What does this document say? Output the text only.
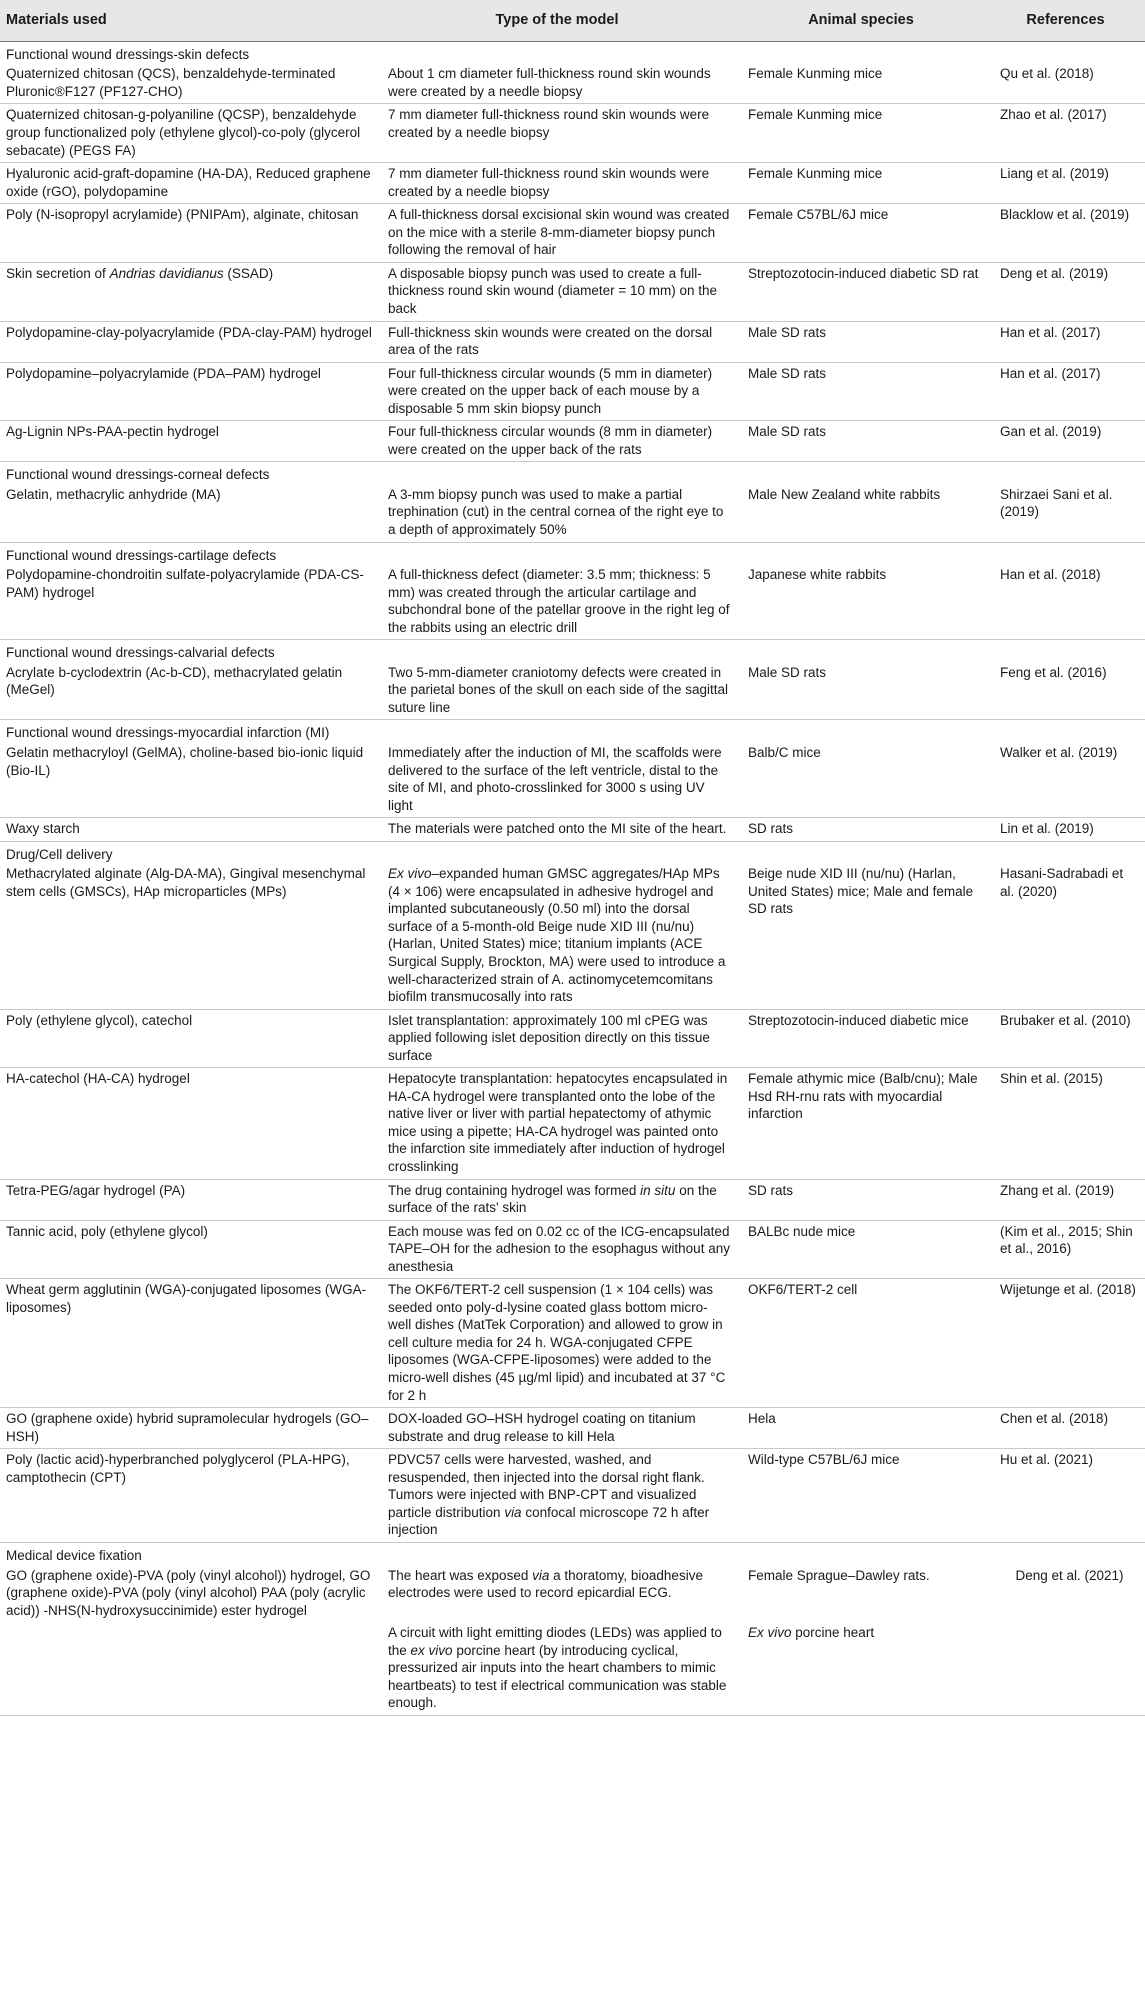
Materials used	Type of the model	Animal species	References
Functional wound dressings-skin defects			
Quaternized chitosan (QCS), benzaldehyde-terminated Pluronic®F127 (PF127-CHO)	About 1 cm diameter full-thickness round skin wounds were created by a needle biopsy	Female Kunming mice	Qu et al. (2018)
Quaternized chitosan-g-polyaniline (QCSP), benzaldehyde group functionalized poly (ethylene glycol)-co-poly (glycerol sebacate) (PEGS FA)	7 mm diameter full-thickness round skin wounds were created by a needle biopsy	Female Kunming mice	Zhao et al. (2017)
Hyaluronic acid-graft-dopamine (HA-DA), Reduced graphene oxide (rGO), polydopamine	7 mm diameter full-thickness round skin wounds were created by a needle biopsy	Female Kunming mice	Liang et al. (2019)
Poly (N-isopropyl acrylamide) (PNIPAm), alginate, chitosan	A full-thickness dorsal excisional skin wound was created on the mice with a sterile 8-mm-diameter biopsy punch following the removal of hair	Female C57BL/6J mice	Blacklow et al. (2019)
Skin secretion of Andrias davidianus (SSAD)	A disposable biopsy punch was used to create a full-thickness round skin wound (diameter = 10 mm) on the back	Streptozotocin-induced diabetic SD rat	Deng et al. (2019)
Polydopamine-clay-polyacrylamide (PDA-clay-PAM) hydrogel	Full-thickness skin wounds were created on the dorsal area of the rats	Male SD rats	Han et al. (2017)
Polydopamine–polyacrylamide (PDA–PAM) hydrogel	Four full-thickness circular wounds (5 mm in diameter) were created on the upper back of each mouse by a disposable 5 mm skin biopsy punch	Male SD rats	Han et al. (2017)
Ag-Lignin NPs-PAA-pectin hydrogel	Four full-thickness circular wounds (8 mm in diameter) were created on the upper back of the rats	Male SD rats	Gan et al. (2019)
Functional wound dressings-corneal defects			
Gelatin, methacrylic anhydride (MA)	A 3-mm biopsy punch was used to make a partial trephination (cut) in the central cornea of the right eye to a depth of approximately 50%	Male New Zealand white rabbits	Shirzaei Sani et al. (2019)
Functional wound dressings-cartilage defects			
Polydopamine-chondroitin sulfate-polyacrylamide (PDA-CS-PAM) hydrogel	A full-thickness defect (diameter: 3.5 mm; thickness: 5 mm) was created through the articular cartilage and subchondral bone of the patellar groove in the right leg of the rabbits using an electric drill	Japanese white rabbits	Han et al. (2018)
Functional wound dressings-calvarial defects			
Acrylate b-cyclodextrin (Ac-b-CD), methacrylated gelatin (MeGel)	Two 5-mm-diameter craniotomy defects were created in the parietal bones of the skull on each side of the sagittal suture line	Male SD rats	Feng et al. (2016)
Functional wound dressings-myocardial infarction (MI)			
Gelatin methacryloyl (GelMA), choline-based bio-ionic liquid (Bio-IL)	Immediately after the induction of MI, the scaffolds were delivered to the surface of the left ventricle, distal to the site of MI, and photo-crosslinked for 3000 s using UV light	Balb/C mice	Walker et al. (2019)
Waxy starch	The materials were patched onto the MI site of the heart.	SD rats	Lin et al. (2019)
Drug/Cell delivery			
Methacrylated alginate (Alg-DA-MA), Gingival mesenchymal stem cells (GMSCs), HAp microparticles (MPs)	Ex vivo–expanded human GMSC aggregates/HAp MPs (4 × 106) were encapsulated in adhesive hydrogel and implanted subcutaneously (0.50 ml) into the dorsal surface of a 5-month-old Beige nude XID III (nu/nu) (Harlan, United States) mice; titanium implants (ACE Surgical Supply, Brockton, MA) were used to introduce a well-characterized strain of A. actinomycetemcomitans biofilm transmucosally into rats	Beige nude XID III (nu/nu) (Harlan, United States) mice; Male and female SD rats	Hasani-Sadrabadi et al. (2020)
Poly (ethylene glycol), catechol	Islet transplantation: approximately 100 ml cPEG was applied following islet deposition directly on this tissue surface	Streptozotocin-induced diabetic mice	Brubaker et al. (2010)
HA-catechol (HA-CA) hydrogel	Hepatocyte transplantation: hepatocytes encapsulated in HA-CA hydrogel were transplanted onto the lobe of the native liver or liver with partial hepatectomy of athymic mice using a pipette; HA-CA hydrogel was painted onto the infarction site immediately after induction of hydrogel crosslinking	Female athymic mice (Balb/cnu); Male Hsd RH-rnu rats with myocardial infarction	Shin et al. (2015)
Tetra-PEG/agar hydrogel (PA)	The drug containing hydrogel was formed in situ on the surface of the rats' skin	SD rats	Zhang et al. (2019)
Tannic acid, poly (ethylene glycol)	Each mouse was fed on 0.02 cc of the ICG-encapsulated TAPE–OH for the adhesion to the esophagus without any anesthesia	BALBc nude mice	(Kim et al., 2015; Shin et al., 2016)
Wheat germ agglutinin (WGA)-conjugated liposomes (WGA-liposomes)	The OKF6/TERT-2 cell suspension (1 × 104 cells) was seeded onto poly-d-lysine coated glass bottom micro-well dishes (MatTek Corporation) and allowed to grow in cell culture media for 24 h. WGA-conjugated CFPE liposomes (WGA-CFPE-liposomes) were added to the micro-well dishes (45 µg/ml lipid) and incubated at 37 °C for 2 h	OKF6/TERT-2 cell	Wijetunge et al. (2018)
GO (graphene oxide) hybrid supramolecular hydrogels (GO–HSH)	DOX-loaded GO–HSH hydrogel coating on titanium substrate and drug release to kill Hela	Hela	Chen et al. (2018)
Poly (lactic acid)-hyperbranched polyglycerol (PLA-HPG), camptothecin (CPT)	PDVC57 cells were harvested, washed, and resuspended, then injected into the dorsal right flank. Tumors were injected with BNP-CPT and visualized particle distribution via confocal microscope 72 h after injection	Wild-type C57BL/6J mice	Hu et al. (2021)
Medical device fixation			
GO (graphene oxide)-PVA (poly (vinyl alcohol)) hydrogel, GO (graphene oxide)-PVA (poly (vinyl alcohol) PAA (poly (acrylic acid)) -NHS(N-hydroxysuccinimide) ester hydrogel	The heart was exposed via a thoratomy, bioadhesive electrodes were used to record epicardial ECG.	Female Sprague–Dawley rats.	Deng et al. (2021)
	A circuit with light emitting diodes (LEDs) was applied to the ex vivo porcine heart (by introducing cyclical, pressurized air inputs into the heart chambers to mimic heartbeats) to test if electrical communication was stable enough.	Ex vivo porcine heart	
